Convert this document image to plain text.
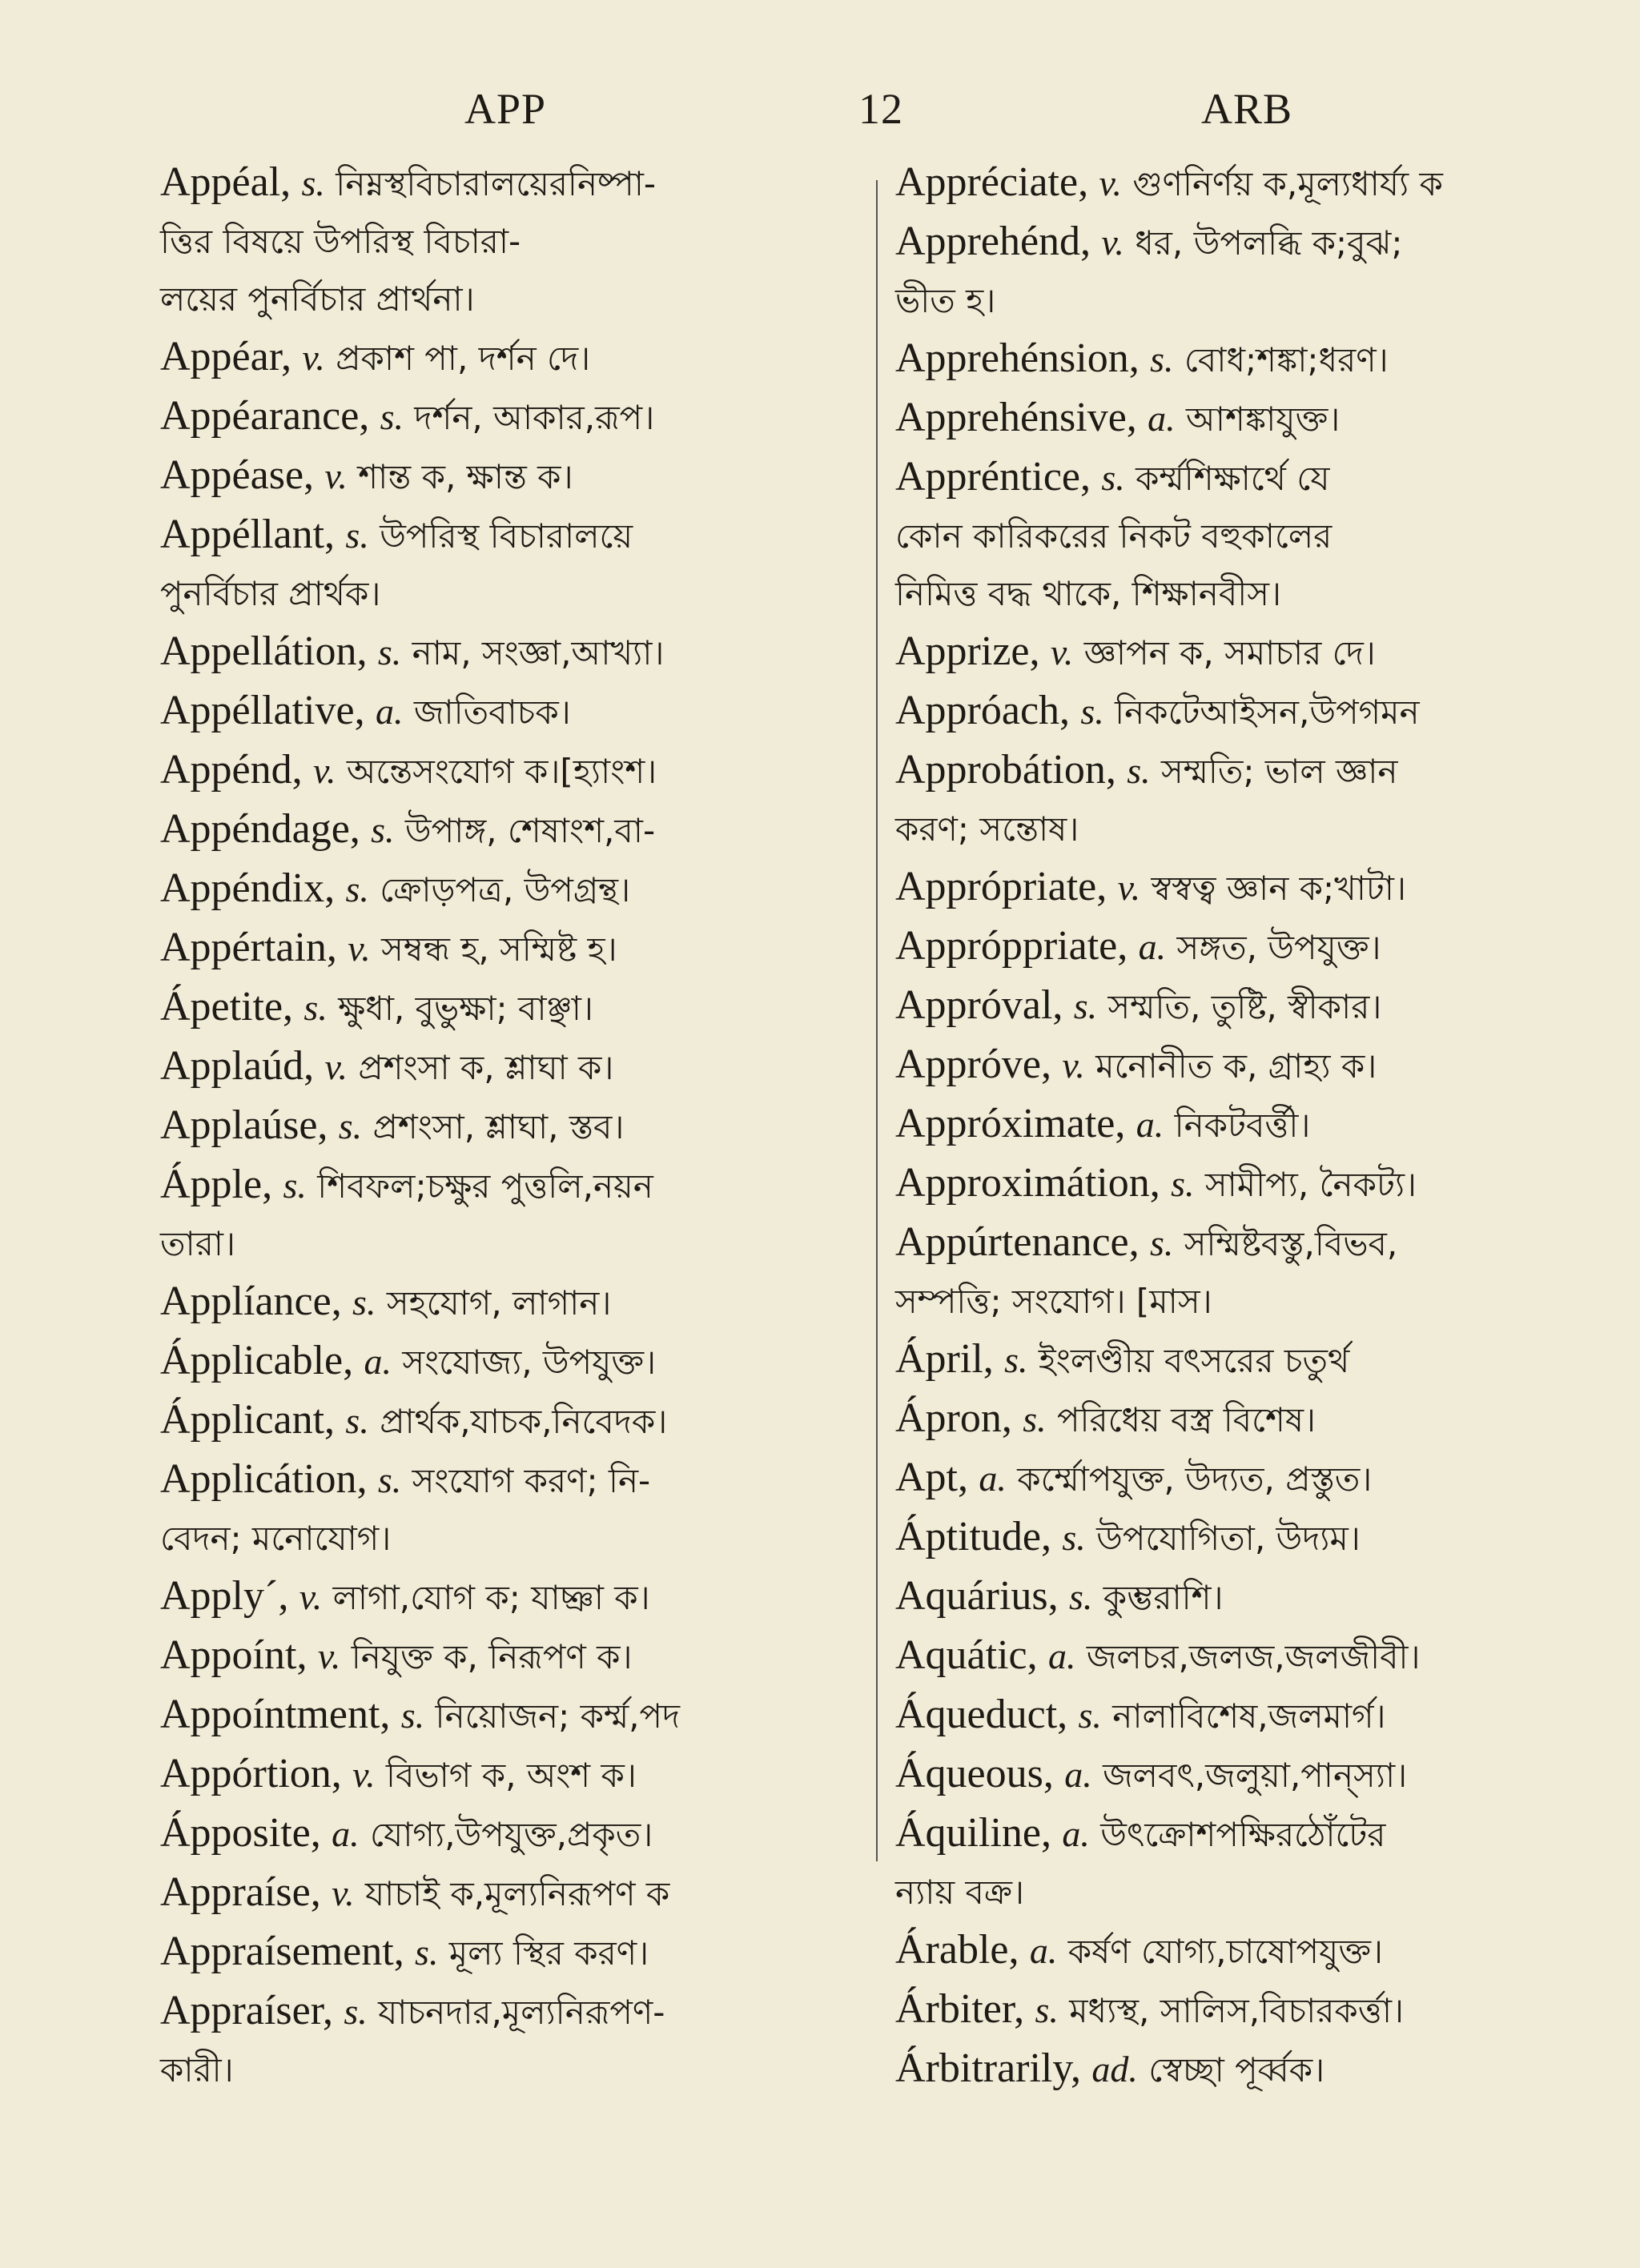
APP	12	ARB
Appéal, s. নিম্নস্থবিচারালয়েরনিষ্পা-
ত্তির বিষয়ে উপরিস্থ বিচারা-
লয়ের পুনর্বিচার প্রার্থনা।
Appéar, v. প্রকাশ পা, দর্শন দে।
Appéarance, s. দর্শন, আকার,রূপ।
Appéase, v. শান্ত ক, ক্ষান্ত ক।
Appéllant, s. উপরিস্থ বিচারালয়ে
পুনর্বিচার প্রার্থক।
Appellátion, s. নাম, সংজ্ঞা,আখ্যা।
Appéllative, a. জাতিবাচক।
Appénd, v. অন্তেসংযোগ ক।[হ্যাংশ।
Appéndage, s. উপাঙ্গ, শেষাংশ,বা-
Appéndix, s. ক্রোড়পত্র, উপগ্রন্থ।
Appértain, v. সম্বন্ধ হ, সম্মিষ্ট হ।
Ápetite, s. ক্ষুধা, বুভুক্ষা; বাঞ্ছা।
Applaúd, v. প্রশংসা ক, শ্লাঘা ক।
Applaúse, s. প্রশংসা, শ্লাঘা, স্তব।
Ápple, s. শিবফল;চক্ষুর পুত্তলি,নয়ন
তারা।
Applíance, s. সহযোগ, লাগান।
Ápplicable, a. সংযোজ্য, উপযুক্ত।
Ápplicant, s. প্রার্থক,যাচক,নিবেদক।
Applicátion, s. সংযোগ করণ; নি-
বেদন; মনোযোগ।
Apply´, v. লাগা,যোগ ক; যাচ্ঞা ক।
Appoínt, v. নিযুক্ত ক, নিরূপণ ক।
Appoíntment, s. নিয়োজন; কর্ম্ম,পদ
Appórtion, v. বিভাগ ক, অংশ ক।
Ápposite, a. যোগ্য,উপযুক্ত,প্রকৃত।
Appraíse, v. যাচাই ক,মূল্যনিরূপণ ক
Appraísement, s. মূল্য স্থির করণ।
Appraíser, s. যাচনদার,মূল্যনিরূপণ-
কারী।
Appréciate, v. গুণনির্ণয় ক,মূল্যধার্য্য ক
Apprehénd, v. ধর, উপলব্ধি ক;বুঝ;
ভীত হ।
Apprehénsion, s. বোধ;শঙ্কা;ধরণ।
Apprehénsive, a. আশঙ্কাযুক্ত।
Appréntice, s. কর্ম্মশিক্ষার্থে যে
কোন কারিকরের নিকট বহুকালের
নিমিত্ত বদ্ধ থাকে, শিক্ষানবীস।
Apprize, v. জ্ঞাপন ক, সমাচার দে।
Appróach, s. নিকটেআইসন,উপগমন
Approbátion, s. সম্মতি; ভাল জ্ঞান
করণ; সন্তোষ।
Apprópriate, v. স্বস্বত্ব জ্ঞান ক;খাটা।
Appróppriate, a. সঙ্গত, উপযুক্ত।
Appróval, s. সম্মতি, তুষ্টি, স্বীকার।
Appróve, v. মনোনীত ক, গ্রাহ্য ক।
Appróximate, a. নিকটবর্ত্তী।
Approximátion, s. সামীপ্য, নৈকট্য।
Appúrtenance, s. সম্মিষ্টবস্তু,বিভব,
সম্পত্তি; সংযোগ। [মাস।
Ápril, s. ইংলণ্ডীয় বৎসরের চতুর্থ
Ápron, s. পরিধেয় বস্ত্র বিশেষ।
Apt, a. কর্ম্মোপযুক্ত, উদ্যত, প্রস্তুত।
Áptitude, s. উপযোগিতা, উদ্যম।
Aquárius, s. কুম্ভরাশি।
Aquátic, a. জলচর,জলজ,জলজীবী।
Áqueduct, s. নালাবিশেষ,জলমার্গ।
Áqueous, a. জলবৎ,জলুয়া,পান্‌স্যা।
Áquiline, a. উৎক্রোশপক্ষিরঠোঁটের
ন্যায় বক্র।
Árable, a. কর্ষণ যোগ্য,চাষোপযুক্ত।
Árbiter, s. মধ্যস্থ, সালিস,বিচারকর্ত্তা।
Árbitrarily, ad. স্বেচ্ছা পূর্ব্বক।
